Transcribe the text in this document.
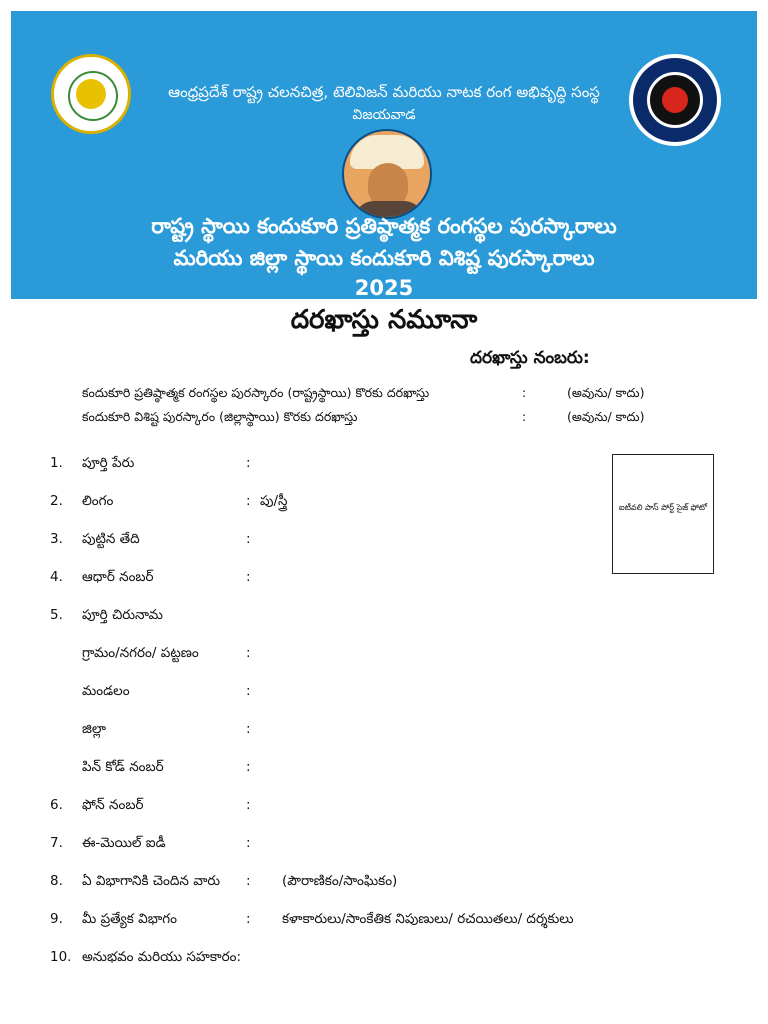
ఆంధ్రప్రదేశ్ రాష్ట్ర చలనచిత్ర, టెలివిజన్ మరియు నాటక రంగ అభివృద్ధి సంస్థ
విజయవాడ
రాష్ట్ర స్థాయి కందుకూరి ప్రతిష్ఠాత్మక రంగస్థల పురస్కారాలు
మరియు జిల్లా స్థాయి కందుకూరి విశిష్ట పురస్కారాలు
2025
దరఖాస్తు నమూనా
దరఖాస్తు నంబరు:
కందుకూరి ప్రతిష్ఠాత్మక రంగస్థల పురస్కారం (రాష్ట్రస్థాయి) కొరకు దరఖాస్తు	:	(అవును/ కాదు)
కందుకూరి విశిష్ట పురస్కారం (జిల్లాస్థాయి) కొరకు దరఖాస్తు	:	(అవును/ కాదు)
ఐటీవలి పాస్ పోర్ట్ సైజ్ ఫోటో
1.	పూర్తి పేరు	:
2.	లింగం	: పు/స్త్రీ
3.	పుట్టిన తేది	:
4.	ఆధార్ నంబర్	:
5.	పూర్తి చిరునామ
గ్రామం/నగరం/ పట్టణం	:
మండలం	:
జిల్లా	:
పిన్ కోడ్ నంబర్	:
6.	ఫోన్ నంబర్	:
7.	ఈ-మెయిల్ ఐడీ	:
8.	ఏ విభాగానికి చెందిన వారు : (పౌరాణికం/సాంఘికం)
9.	మీ ప్రత్యేక విభాగం	: కళాకారులు/సాంకేతిక నిపుణులు/ రచయితలు/ దర్శకులు
10. అనుభవం మరియు సహకారం:
